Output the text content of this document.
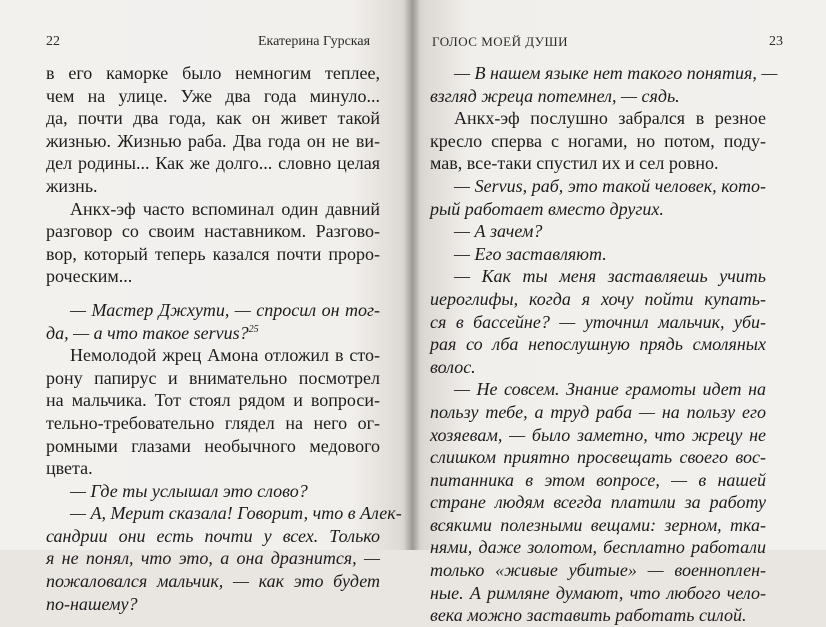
22	Екатерина Гурская
в его каморке было немногим теплее,
чем на улице. Уже два года минуло...
да, почти два года, как он живет такой
жизнью. Жизнью раба. Два года он не ви-
дел родины... Как же долго... словно целая
жизнь.
Анкх-эф часто вспоминал один давний
разговор со своим наставником. Разгово-
вор, который теперь казался почти проро-
роческим...
— Мастер Джхути, — спросил он тог-
да, — а что такое servus?$^{25}$
Немолодой жрец Амона отложил в сто-
рону папирус и внимательно посмотрел
на мальчика. Тот стоял рядом и вопроси-
тельно-требовательно глядел на него ог-
ромными глазами необычного медового
цвета.
— Где ты услышал это слово?
— А, Мерит сказала! Говорит, что в Алек-
сандрии они есть почти у всех. Только
я не понял, что это, а она дразнится, —
пожаловался мальчик, — как это будет
по-нашему?
ГОЛОС МОЕЙ ДУШИ	23
— В нашем языке нет такого понятия, —
взгляд жреца потемнел, — сядь.
Анкх-эф послушно забрался в резное
кресло сперва с ногами, но потом, поду-
мав, все-таки спустил их и сел ровно.
— Servus, раб, это такой человек, кото-
рый работает вместо других.
— А зачем?
— Его заставляют.
— Как ты меня заставляешь учить
иероглифы, когда я хочу пойти купать-
ся в бассейне? — уточнил мальчик, уби-
рая со лба непослушную прядь смоляных
волос.
— Не совсем. Знание грамоты идет на
пользу тебе, а труд раба — на пользу его
хозяевам, — было заметно, что жрецу не
слишком приятно просвещать своего вос-
питанника в этом вопросе, — в нашей
стране людям всегда платили за работу
всякими полезными вещами: зерном, тка-
нями, даже золотом, бесплатно работали
только «живые убитые» — военноплен-
ные. А римляне думают, что любого чело-
века можно заставить работать силой.
